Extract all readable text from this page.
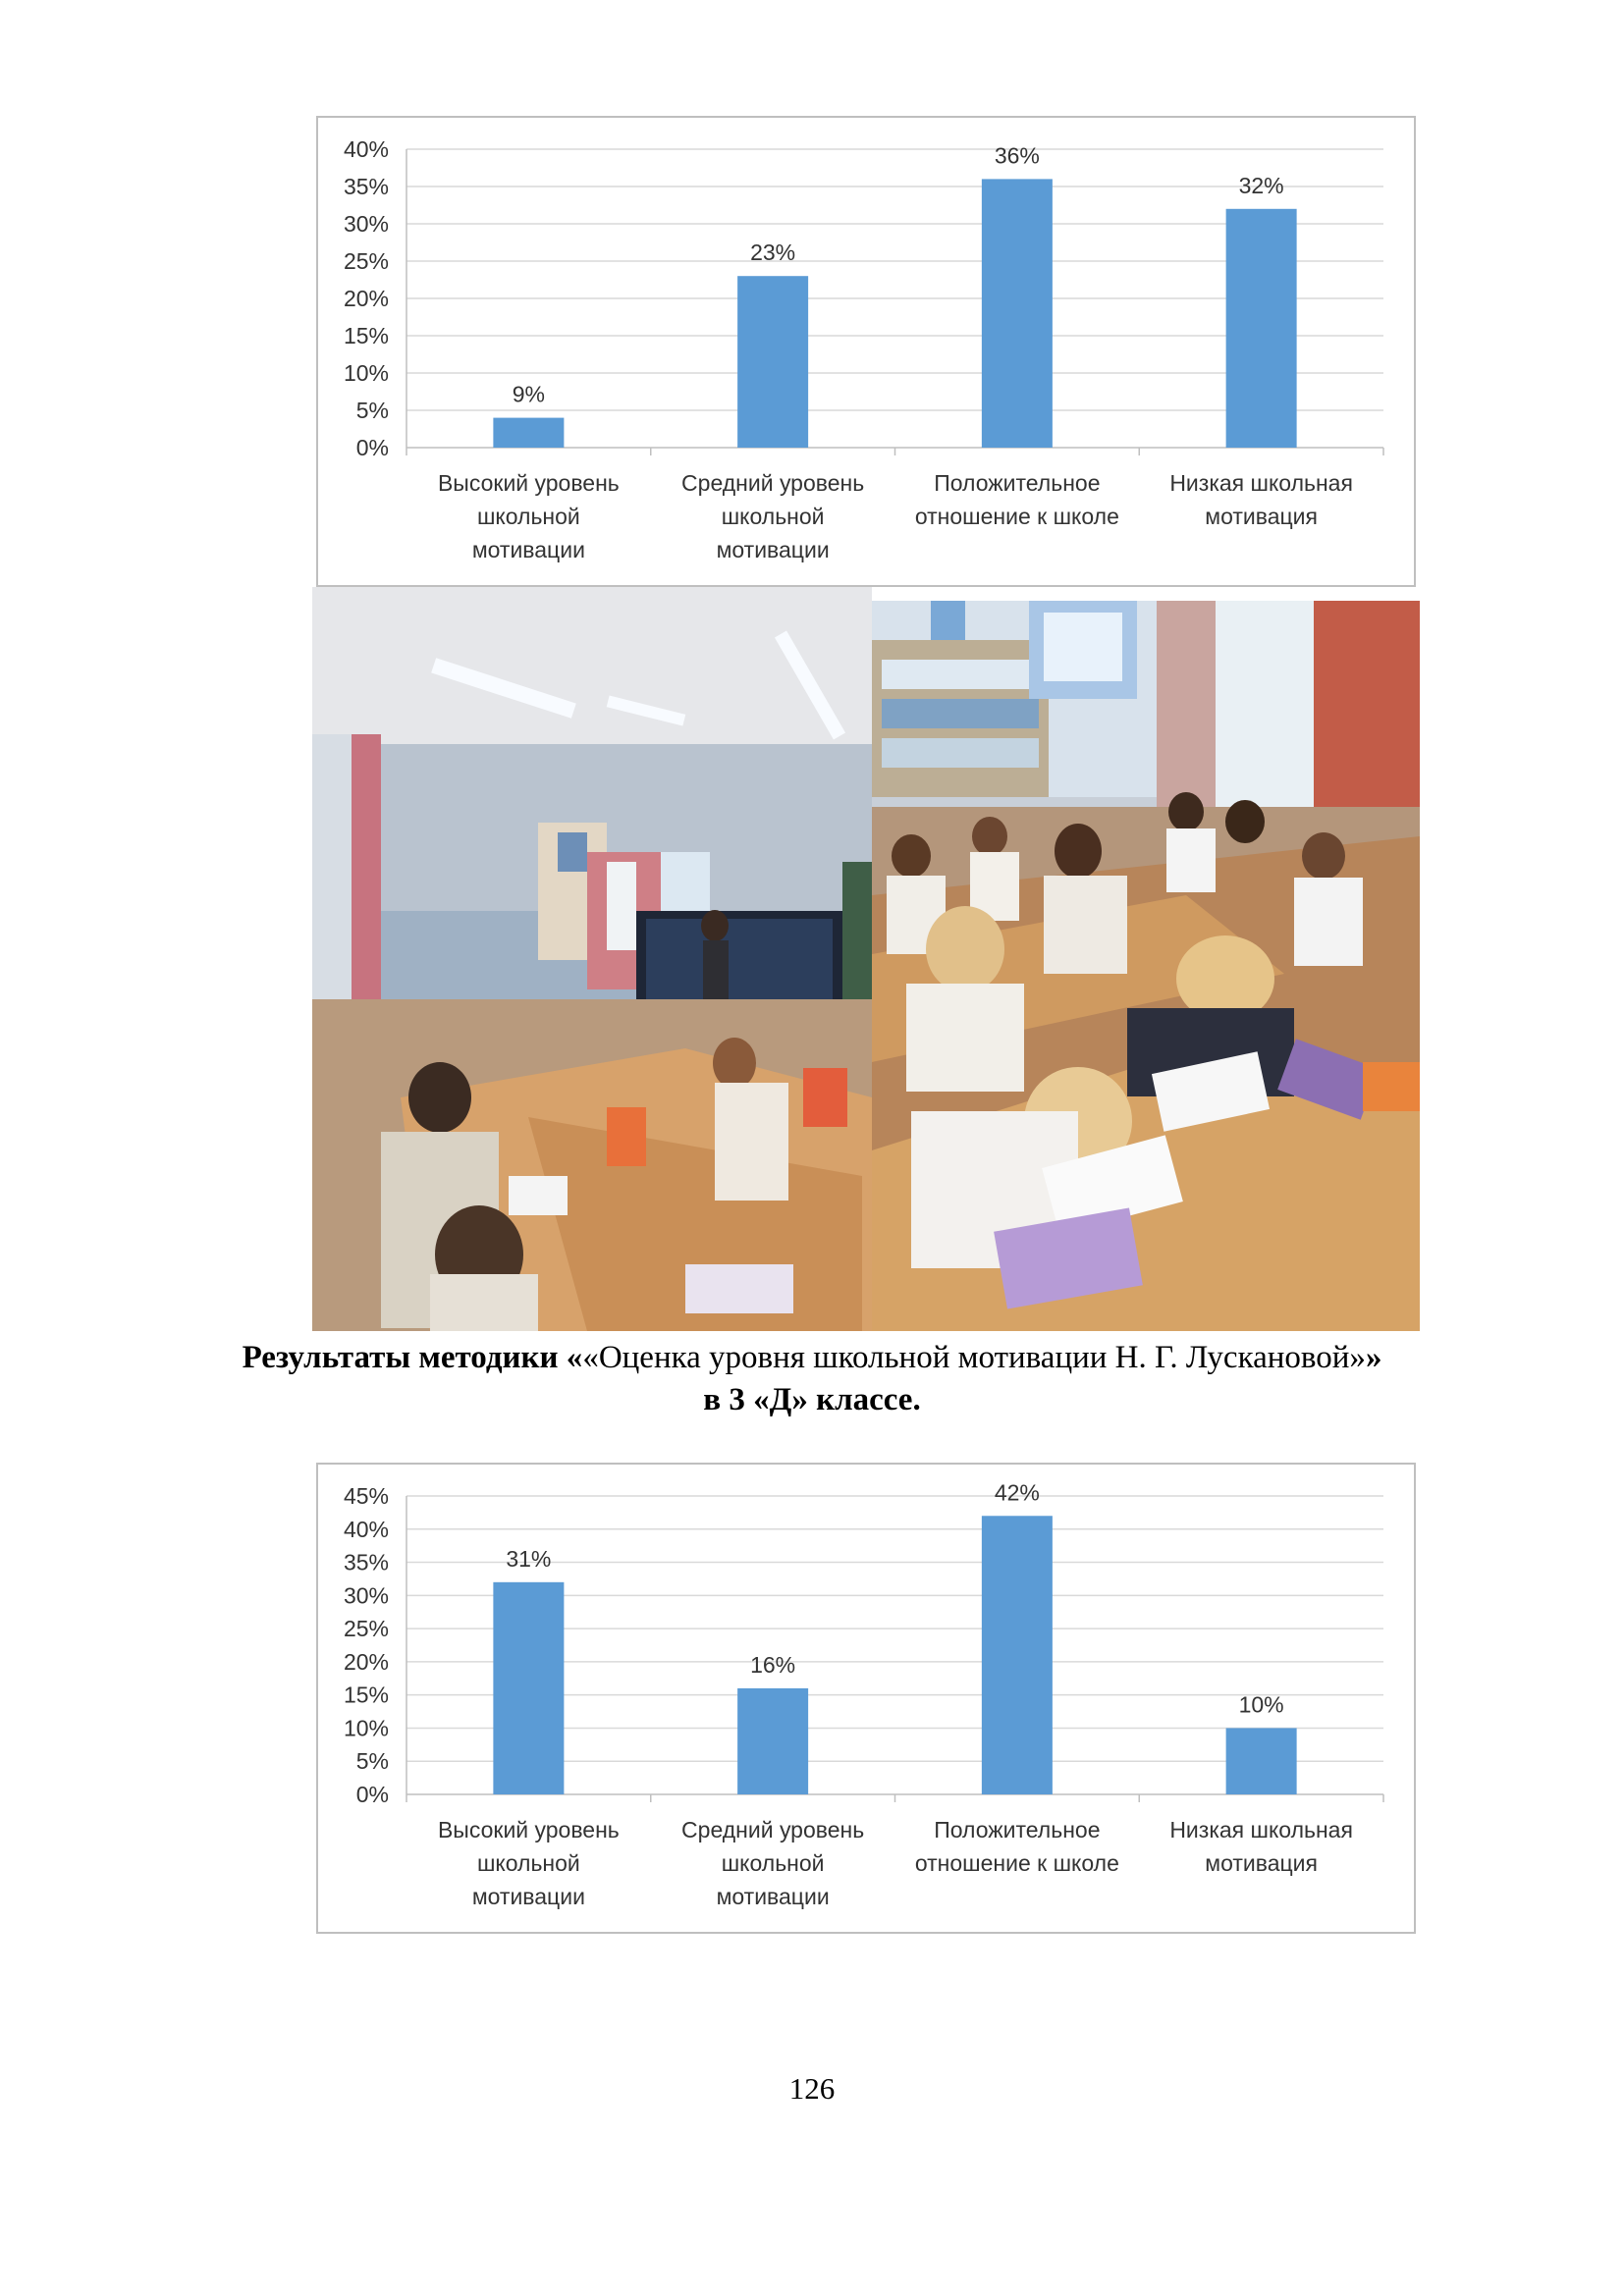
0%
5%
10%
15%
20%
25%
30%
35%
40%
9%
Высокий уровень
школьной
мотивации
23%
Средний уровень
школьной
мотивации
36%
Положительное
отношение к школе
32%
Низкая школьная
мотивация
Результаты методики ««Оценка уровня школьной мотивации Н. Г. Лускановой»»
в 3 «Д» классе.
0%
5%
10%
15%
20%
25%
30%
35%
40%
45%
31%
Высокий уровень
школьной
мотивации
16%
Средний уровень
школьной
мотивации
42%
Положительное
отношение к школе
10%
Низкая школьная
мотивация
126
